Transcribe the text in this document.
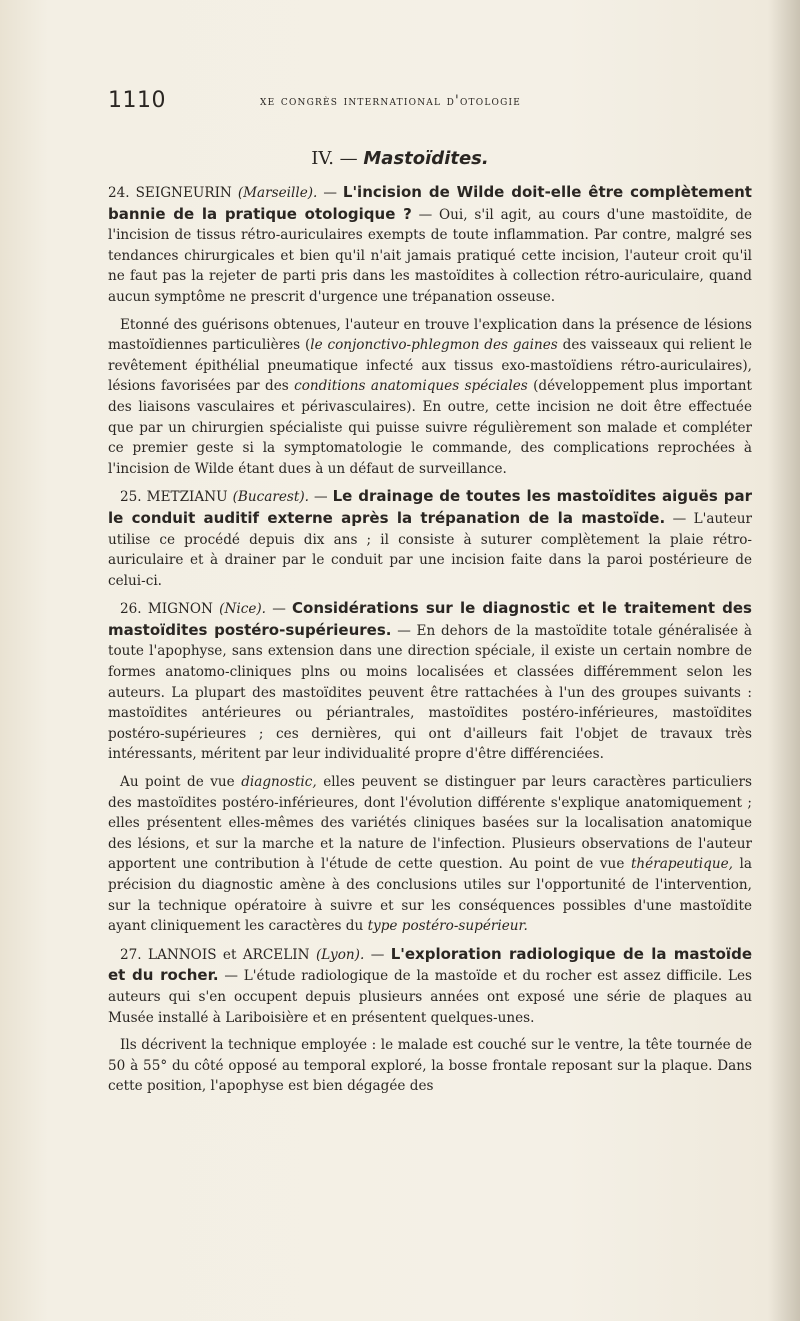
1110	xe congrès international d'otologie
IV. — Mastoïdites.

24. SEIGNEURIN (Marseille). — L'incision de Wilde doit-elle être complètement bannie de la pratique otologique ? — Oui, s'il agit, au cours d'une mastoïdite, de l'incision de tissus rétro-auriculaires exempts de toute inflammation. Par contre, malgré ses tendances chirurgicales et bien qu'il n'ait jamais pratiqué cette incision, l'auteur croit qu'il ne faut pas la rejeter de parti pris dans les mastoïdites à collection rétro-auriculaire, quand aucun symptôme ne prescrit d'urgence une trépanation osseuse.

Etonné des guérisons obtenues, l'auteur en trouve l'explication dans la présence de lésions mastoïdiennes particulières (le conjonctivo-phlegmon des gaines des vaisseaux qui relient le revêtement épithélial pneumatique infecté aux tissus exo-mastoïdiens rétro-auriculaires), lésions favorisées par des conditions anatomiques spéciales (développement plus important des liaisons vasculaires et périvasculaires). En outre, cette incision ne doit être effectuée que par un chirurgien spécialiste qui puisse suivre régulièrement son malade et compléter ce premier geste si la symptomatologie le commande, des complications reprochées à l'incision de Wilde étant dues à un défaut de surveillance.

25. METZIANU (Bucarest). — Le drainage de toutes les mastoïdites aiguës par le conduit auditif externe après la trépanation de la mastoïde. — L'auteur utilise ce procédé depuis dix ans ; il consiste à suturer complètement la plaie rétro-auriculaire et à drainer par le conduit par une incision faite dans la paroi postérieure de celui-ci.

26. MIGNON (Nice). — Considérations sur le diagnostic et le traitement des mastoïdites postéro-supérieures. — En dehors de la mastoïdite totale généralisée à toute l'apophyse, sans extension dans une direction spéciale, il existe un certain nombre de formes anatomo-cliniques plns ou moins localisées et classées différemment selon les auteurs. La plupart des mastoïdites peuvent être rattachées à l'un des groupes suivants : mastoïdites antérieures ou périantrales, mastoïdites postéro-inférieures, mastoïdites postéro-supérieures ; ces dernières, qui ont d'ailleurs fait l'objet de travaux très intéressants, méritent par leur individualité propre d'être différenciées.

Au point de vue diagnostic, elles peuvent se distinguer par leurs caractères particuliers des mastoïdites postéro-inférieures, dont l'évolution différente s'explique anatomiquement ; elles présentent elles-mêmes des variétés cliniques basées sur la localisation anatomique des lésions, et sur la marche et la nature de l'infection. Plusieurs observations de l'auteur apportent une contribution à l'étude de cette question. Au point de vue thérapeutique, la précision du diagnostic amène à des conclusions utiles sur l'opportunité de l'intervention, sur la technique opératoire à suivre et sur les conséquences possibles d'une mastoïdite ayant cliniquement les caractères du type postéro-supérieur.

27. LANNOIS et ARCELIN (Lyon). — L'exploration radiologique de la mastoïde et du rocher. — L'étude radiologique de la mastoïde et du rocher est assez difficile. Les auteurs qui s'en occupent depuis plusieurs années ont exposé une série de plaques au Musée installé à Lariboisière et en présentent quelques-unes.

Ils décrivent la technique employée : le malade est couché sur le ventre, la tête tournée de 50 à 55° du côté opposé au temporal exploré, la bosse frontale reposant sur la plaque. Dans cette position, l'apophyse est bien dégagée des
